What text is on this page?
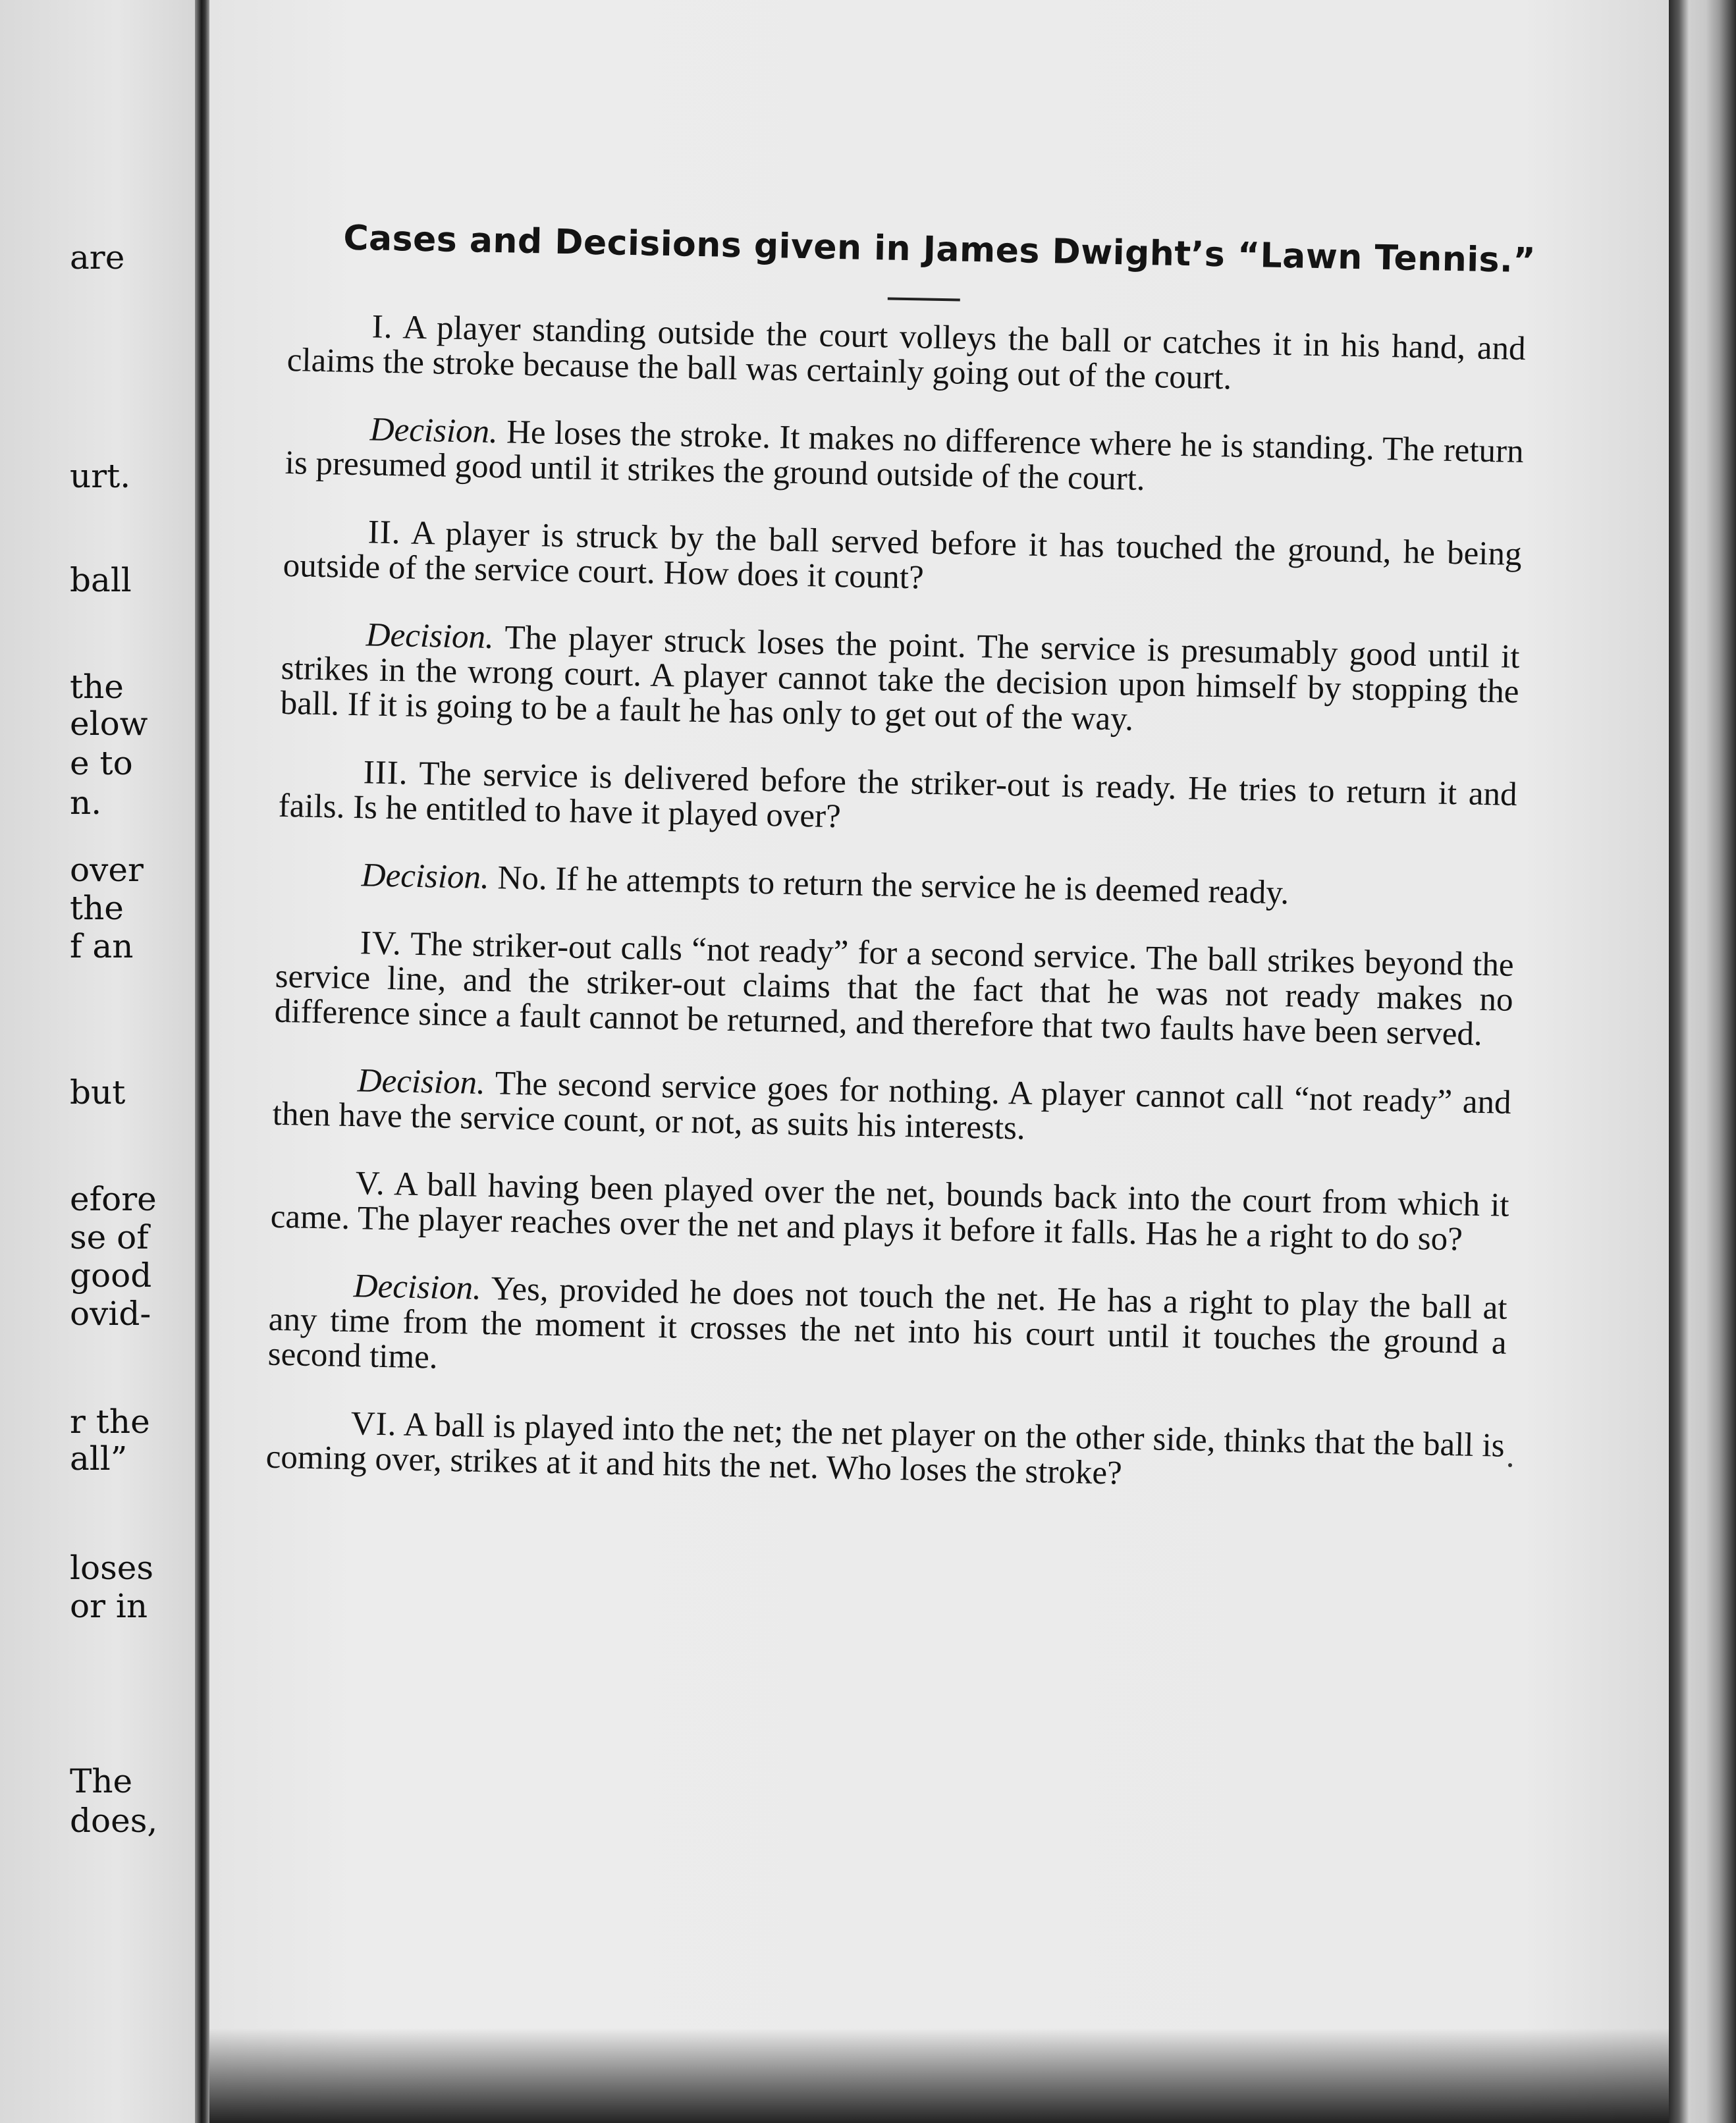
are
urt.
ball
the
elow
e to
n.
over
the
f an
but
efore
se of
good
ovid-
r the
all”
loses
or in
The
does,
Cases and Decisions given in James Dwight’s “Lawn Tennis.”

I. A player standing outside the court volleys the ball or catches it in his hand, and claims the stroke because the ball was certainly going out of the court.

Decision. He loses the stroke. It makes no difference where he is standing. The return is presumed good until it strikes the ground outside of the court.

II. A player is struck by the ball served before it has touched the ground, he being outside of the service court. How does it count?

Decision. The player struck loses the point. The service is presumably good until it strikes in the wrong court. A player cannot take the decision upon himself by stopping the ball. If it is going to be a fault he has only to get out of the way.

III. The service is delivered before the striker-out is ready. He tries to return it and fails. Is he entitled to have it played over?

Decision. No. If he attempts to return the service he is deemed ready.

IV. The striker-out calls “not ready” for a second service. The ball strikes beyond the service line, and the striker-out claims that the fact that he was not ready makes no difference since a fault cannot be returned, and therefore that two faults have been served.

Decision. The second service goes for nothing. A player cannot call “not ready” and then have the service count, or not, as suits his interests.

V. A ball having been played over the net, bounds back into the court from which it came. The player reaches over the net and plays it before it falls. Has he a right to do so?

Decision. Yes, provided he does not touch the net. He has a right to play the ball at any time from the moment it crosses the net into his court until it touches the ground a second time.

VI. A ball is played into the net; the net player on the other side, thinks that the ball is coming over, strikes at it and hits the net. Who loses the stroke?
